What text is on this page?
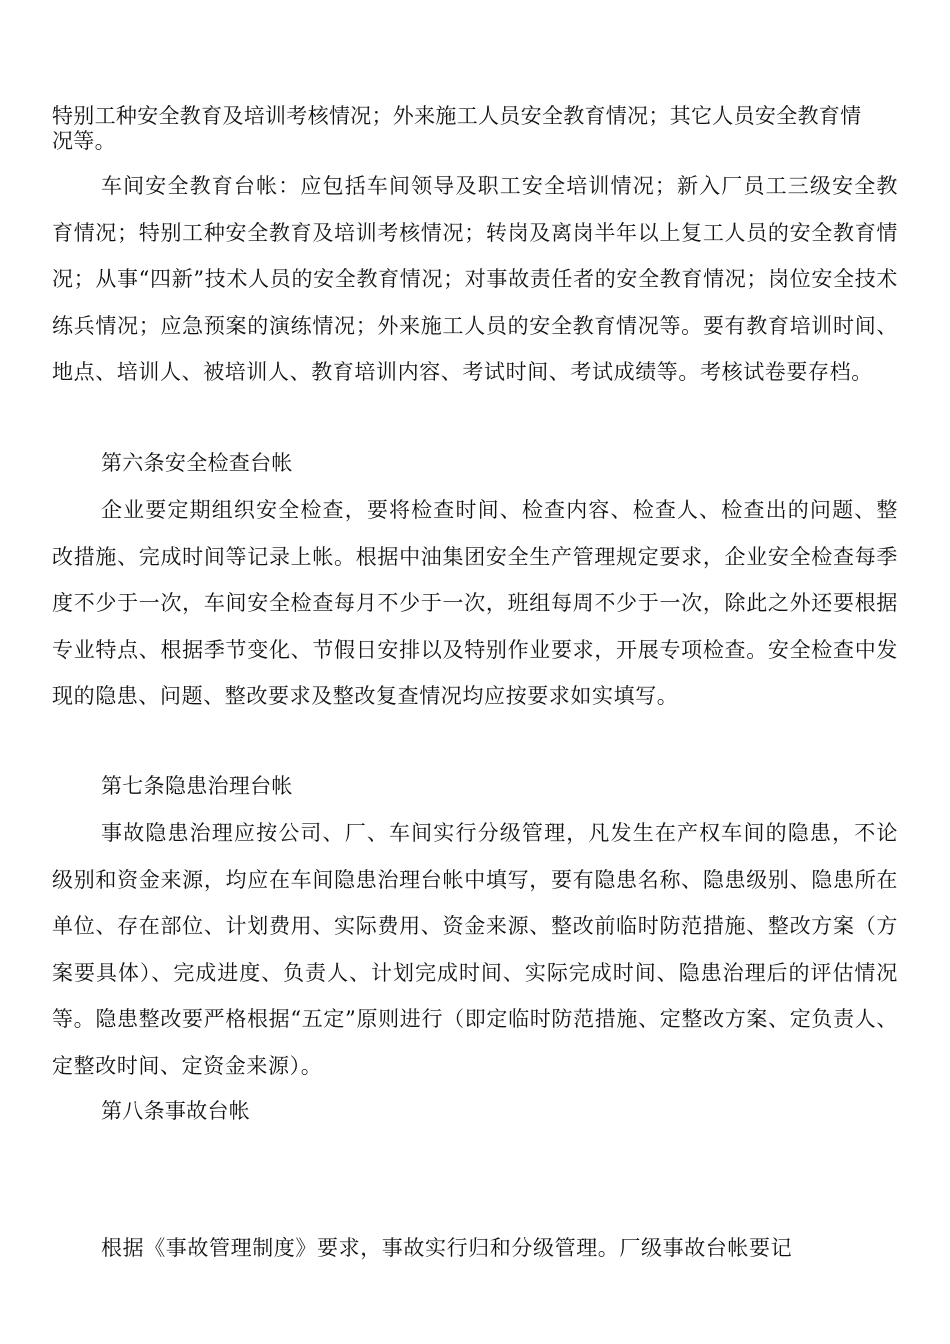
特别工种安全教育及培训考核情况；外来施工人员安全教育情况；其它人员安全教育情况等。

车间安全教育台帐：应包括车间领导及职工安全培训情况；新入厂员工三级安全教育情况；特别工种安全教育及培训考核情况；转岗及离岗半年以上复工人员的安全教育情况；从事“四新”技术人员的安全教育情况；对事故责任者的安全教育情况；岗位安全技术练兵情况；应急预案的演练情况；外来施工人员的安全教育情况等。要有教育培训时间、地点、培训人、被培训人、教育培训内容、考试时间、考试成绩等。考核试卷要存档。

第六条安全检查台帐

企业要定期组织安全检查，要将检查时间、检查内容、检查人、检查出的问题、整改措施、完成时间等记录上帐。根据中油集团安全生产管理规定要求，企业安全检查每季度不少于一次，车间安全检查每月不少于一次，班组每周不少于一次，除此之外还要根据专业特点、根据季节变化、节假日安排以及特别作业要求，开展专项检查。安全检查中发现的隐患、问题、整改要求及整改复查情况均应按要求如实填写。

第七条隐患治理台帐

事故隐患治理应按公司、厂、车间实行分级管理，凡发生在产权车间的隐患，不论级别和资金来源，均应在车间隐患治理台帐中填写，要有隐患名称、隐患级别、隐患所在单位、存在部位、计划费用、实际费用、资金来源、整改前临时防范措施、整改方案（方案要具体）、完成进度、负责人、计划完成时间、实际完成时间、隐患治理后的评估情况等。隐患整改要严格根据“五定”原则进行（即定临时防范措施、定整改方案、定负责人、定整改时间、定资金来源）。

第八条事故台帐

根据《事故管理制度》要求，事故实行归和分级管理。厂级事故台帐要记
